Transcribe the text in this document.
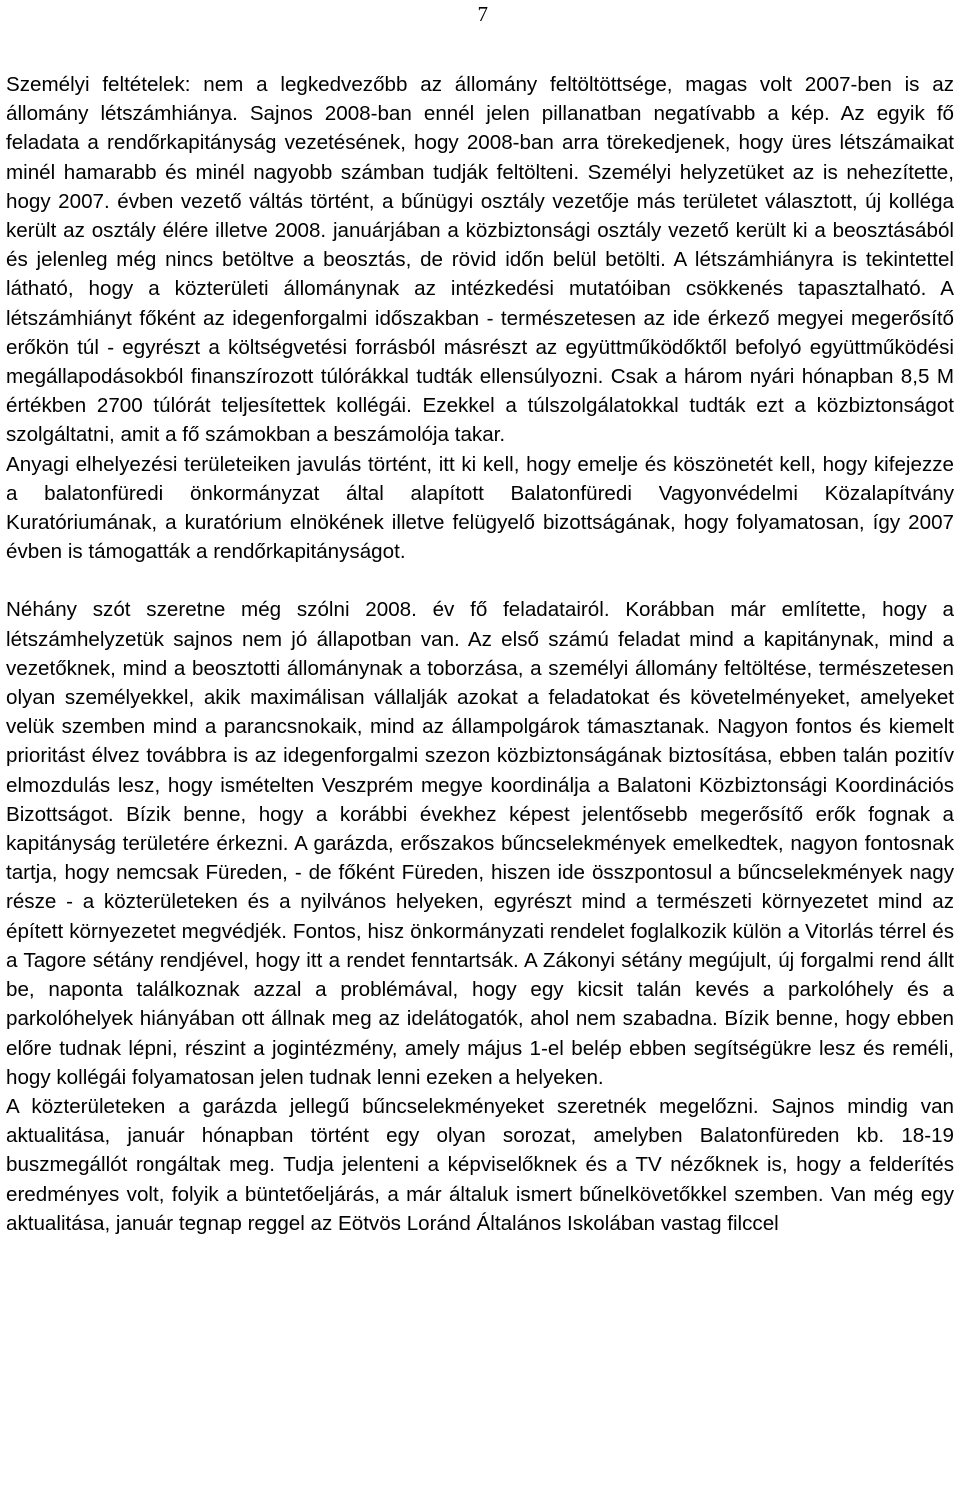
7

Személyi feltételek: nem a legkedvezőbb az állomány feltöltöttsége, magas volt 2007-ben is az állomány létszámhiánya. Sajnos 2008-ban ennél jelen pillanatban negatívabb a kép. Az egyik fő feladata a rendőrkapitányság vezetésének, hogy 2008-ban arra törekedjenek, hogy üres létszámaikat minél hamarabb és minél nagyobb számban tudják feltölteni. Személyi helyzetüket az is nehezítette, hogy 2007. évben vezető váltás történt, a bűnügyi osztály vezetője más területet választott, új kolléga került az osztály élére illetve 2008. januárjában a közbiztonsági osztály vezető került ki a beosztásából és jelenleg még nincs betöltve a beosztás, de rövid időn belül betölti. A létszámhiányra is tekintettel látható, hogy a közterületi állománynak az intézkedési mutatóiban csökkenés tapasztalható. A létszámhiányt főként az idegenforgalmi időszakban - természetesen az ide érkező megyei megerősítő erőkön túl - egyrészt a költségvetési forrásból másrészt az együttműködőktől befolyó együttműködési megállapodásokból finanszírozott túlórákkal tudták ellensúlyozni. Csak a három nyári hónapban 8,5 M értékben 2700 túlórát teljesítettek kollégái. Ezekkel a túlszolgálatokkal tudták ezt a közbiztonságot szolgáltatni, amit a fő számokban a beszámolója takar.

Anyagi elhelyezési területeiken javulás történt, itt ki kell, hogy emelje és köszönetét kell, hogy kifejezze a balatonfüredi önkormányzat által alapított Balatonfüredi Vagyonvédelmi Közalapítvány Kuratóriumának, a kuratórium elnökének illetve felügyelő bizottságának, hogy folyamatosan, így 2007 évben is támogatták a rendőrkapitányságot.

Néhány szót szeretne még szólni 2008. év fő feladatairól. Korábban már említette, hogy a létszámhelyzetük sajnos nem jó állapotban van. Az első számú feladat mind a kapitánynak, mind a vezetőknek, mind a beosztotti állománynak a toborzása, a személyi állomány feltöltése, természetesen olyan személyekkel, akik maximálisan vállalják azokat a feladatokat és követelményeket, amelyeket velük szemben mind a parancsnokaik, mind az állampolgárok támasztanak. Nagyon fontos és kiemelt prioritást élvez továbbra is az idegenforgalmi szezon közbiztonságának biztosítása, ebben talán pozitív elmozdulás lesz, hogy ismételten Veszprém megye koordinálja a Balatoni Közbiztonsági Koordinációs Bizottságot. Bízik benne, hogy a korábbi évekhez képest jelentősebb megerősítő erők fognak a kapitányság területére érkezni. A garázda, erőszakos bűncselekmények emelkedtek, nagyon fontosnak tartja, hogy nemcsak Füreden, - de főként Füreden, hiszen ide összpontosul a bűncselekmények nagy része - a közterületeken és a nyilvános helyeken, egyrészt mind a természeti környezetet mind az épített környezetet megvédjék. Fontos, hisz önkormányzati rendelet foglalkozik külön a Vitorlás térrel és a Tagore sétány rendjével, hogy itt a rendet fenntartsák. A Zákonyi sétány megújult, új forgalmi rend állt be, naponta találkoznak azzal a problémával, hogy egy kicsit talán kevés a parkolóhely és a parkolóhelyek hiányában ott állnak meg az idelátogatók, ahol nem szabadna. Bízik benne, hogy ebben előre tudnak lépni, részint a jogintézmény, amely május 1-el belép ebben segítségükre lesz és reméli, hogy kollégái folyamatosan jelen tudnak lenni ezeken a helyeken.

A közterületeken a garázda jellegű bűncselekményeket szeretnék megelőzni. Sajnos mindig van aktualitása, január hónapban történt egy olyan sorozat, amelyben Balatonfüreden kb. 18-19 buszmegállót rongáltak meg. Tudja jelenteni a képviselőknek és a TV nézőknek is, hogy a felderítés eredményes volt, folyik a büntetőeljárás, a már általuk ismert bűnelkövetőkkel szemben. Van még egy aktualitása, január tegnap reggel az Eötvös Loránd Általános Iskolában vastag filccel
